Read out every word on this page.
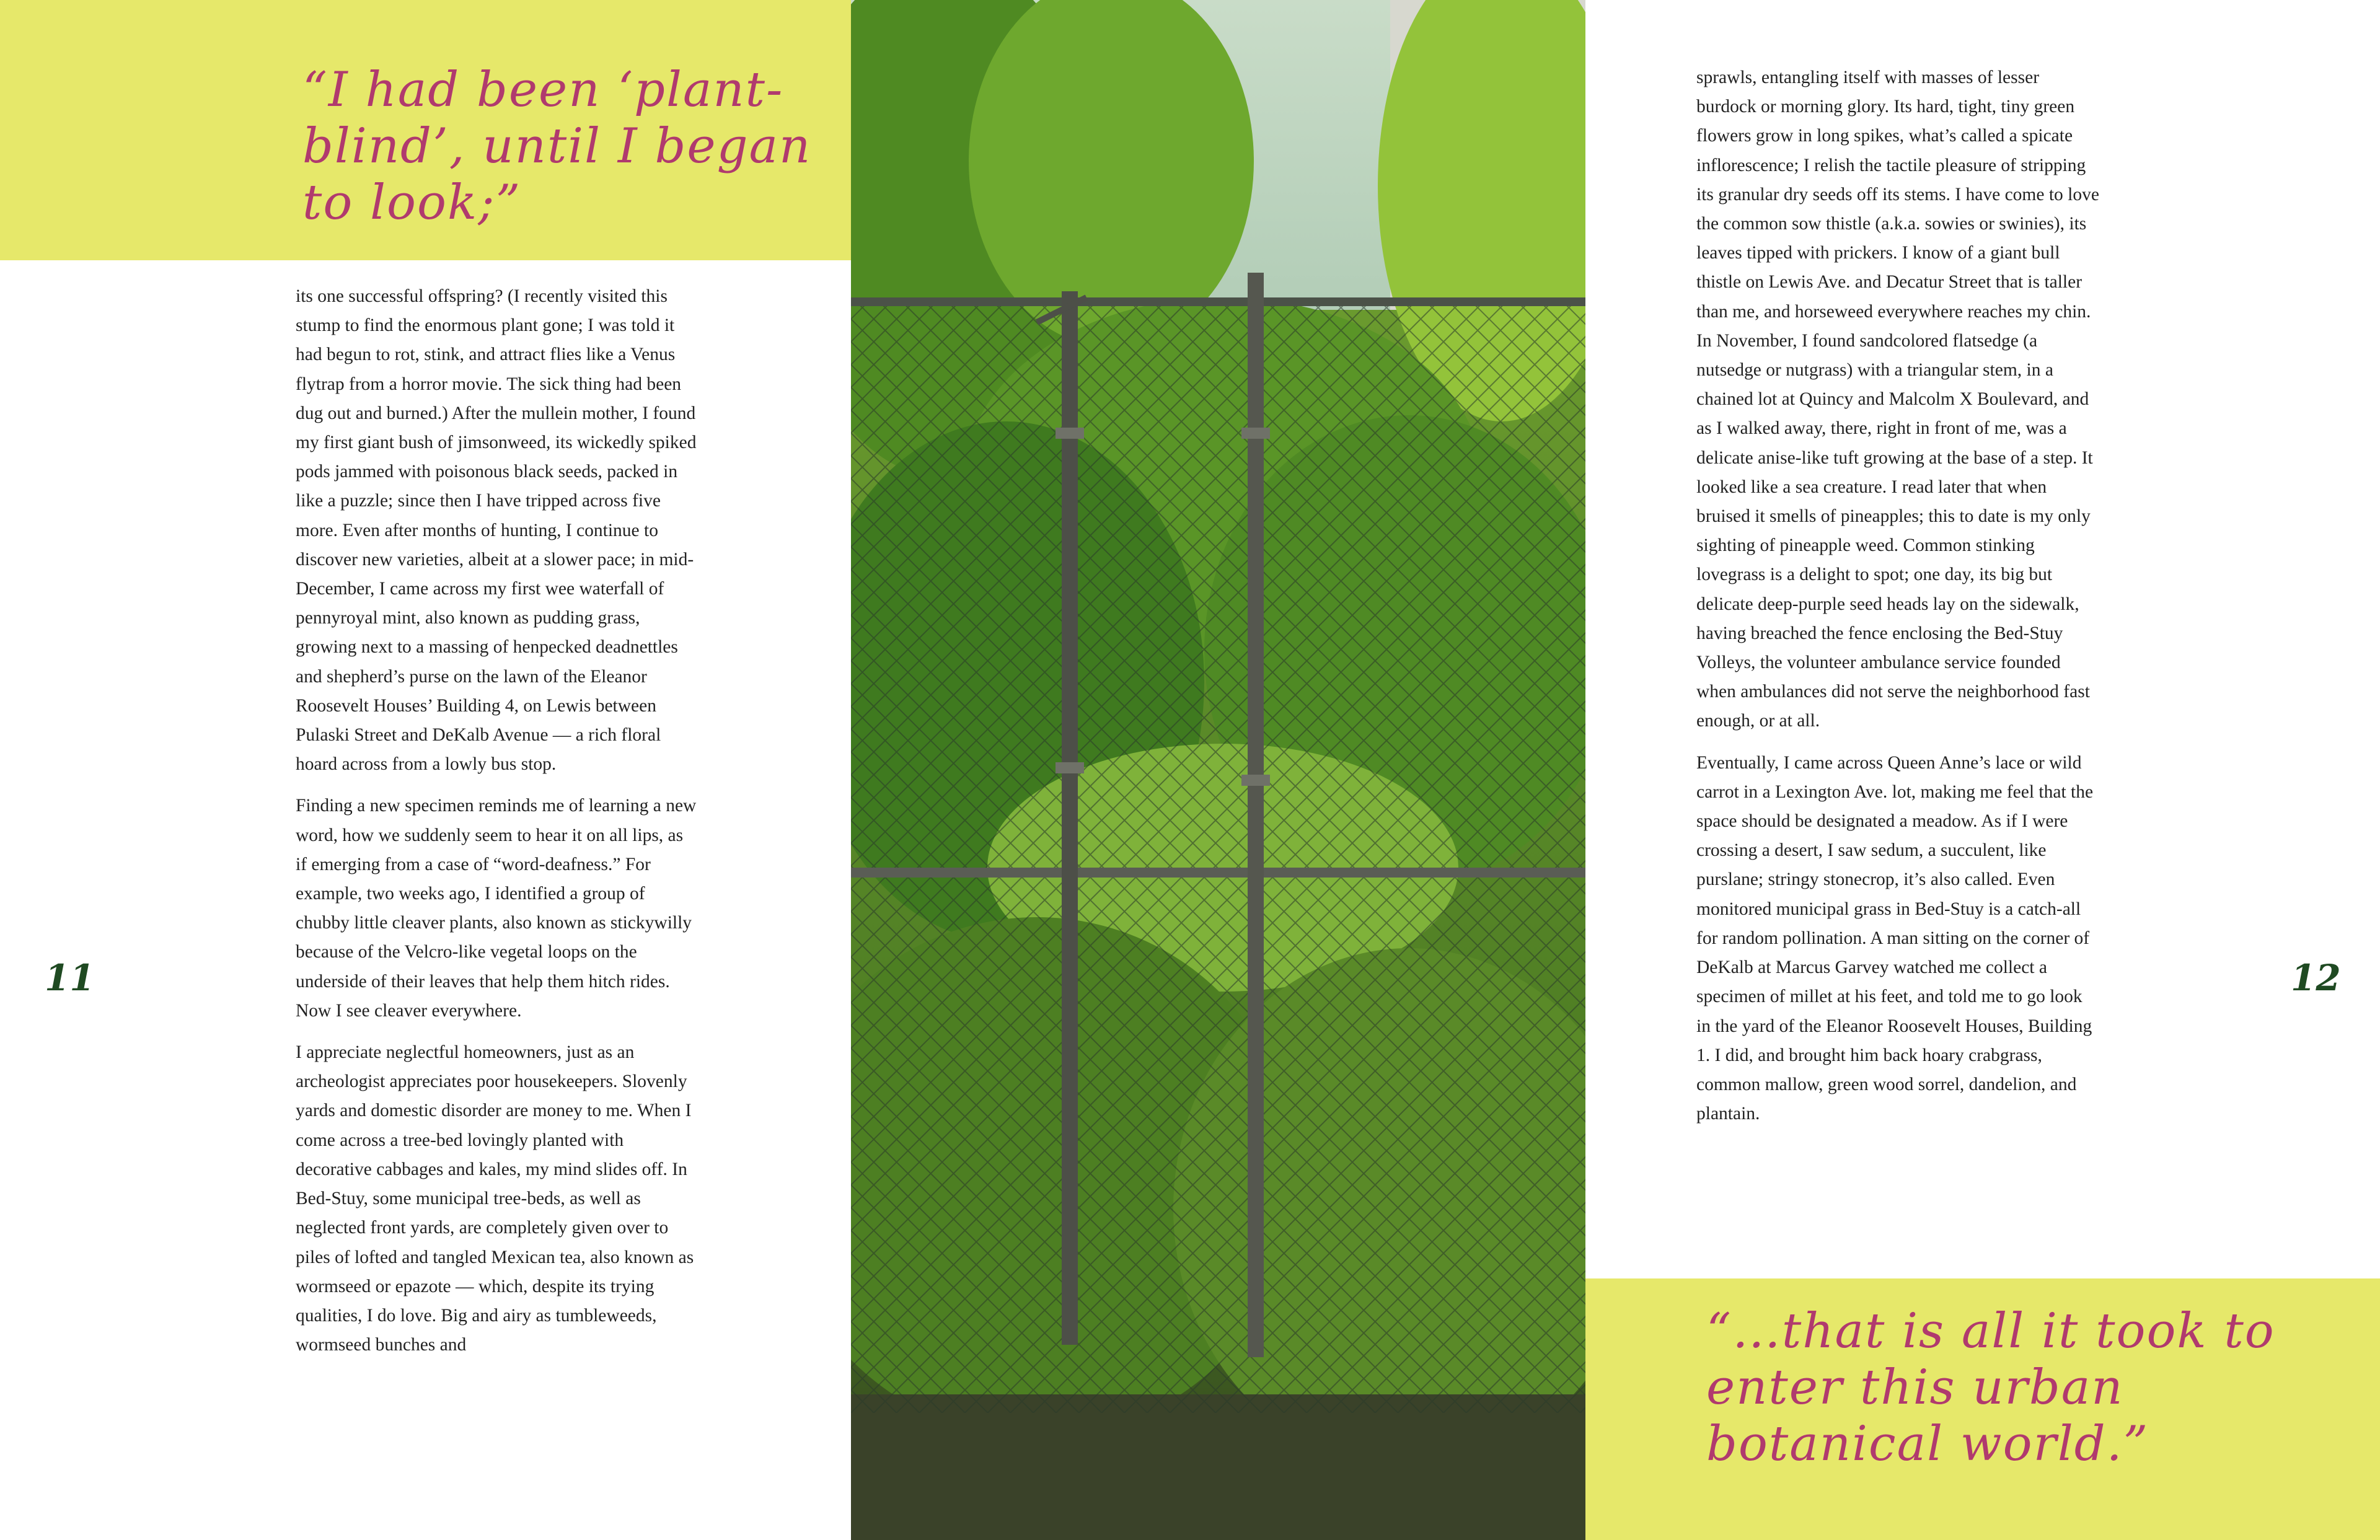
“I had been ‘plant-blind’, until I began to look;”

its one successful offspring? (I recently visited this stump to find the enormous plant gone; I was told it had begun to rot, stink, and attract flies like a Venus flytrap from a horror movie. The sick thing had been dug out and burned.) After the mullein mother, I found my first giant bush of jimsonweed, its wickedly spiked pods jammed with poisonous black seeds, packed in like a puzzle; since then I have tripped across five more. Even after months of hunting, I continue to discover new varieties, albeit at a slower pace; in mid-December, I came across my first wee waterfall of pennyroyal mint, also known as pudding grass, growing next to a massing of henpecked deadnettles and shepherd’s purse on the lawn of the Eleanor Roosevelt Houses’ Building 4, on Lewis between Pulaski Street and DeKalb Avenue — a rich floral hoard across from a lowly bus stop.

Finding a new specimen reminds me of learning a new word, how we suddenly seem to hear it on all lips, as if emerging from a case of “word-deafness.” For example, two weeks ago, I identified a group of chubby little cleaver plants, also known as stickywilly because of the Velcro-like vegetal loops on the underside of their leaves that help them hitch rides. Now I see cleaver everywhere.

I appreciate neglectful homeowners, just as an archeologist appreciates poor housekeepers. Slovenly yards and domestic disorder are money to me. When I come across a tree-bed lovingly planted with decorative cabbages and kales, my mind slides off. In Bed-Stuy, some municipal tree-beds, as well as neglected front yards, are completely given over to piles of lofted and tangled Mexican tea, also known as wormseed or epazote — which, despite its trying qualities, I do love. Big and airy as tumbleweeds, wormseed bunches and

11

sprawls, entangling itself with masses of lesser burdock or morning glory. Its hard, tight, tiny green flowers grow in long spikes, what’s called a spicate inflorescence; I relish the tactile pleasure of stripping its granular dry seeds off its stems. I have come to love the common sow thistle (a.k.a. sowies or swinies), its leaves tipped with prickers. I know of a giant bull thistle on Lewis Ave. and Decatur Street that is taller than me, and horseweed everywhere reaches my chin. In November, I found sandcolored flatsedge (a nutsedge or nutgrass) with a triangular stem, in a chained lot at Quincy and Malcolm X Boulevard, and as I walked away, there, right in front of me, was a delicate anise-like tuft growing at the base of a step. It looked like a sea creature. I read later that when bruised it smells of pineapples; this to date is my only sighting of pineapple weed. Common stinking lovegrass is a delight to spot; one day, its big but delicate deep-purple seed heads lay on the sidewalk, having breached the fence enclosing the Bed-Stuy Volleys, the volunteer ambulance service founded when ambulances did not serve the neighborhood fast enough, or at all.

Eventually, I came across Queen Anne’s lace or wild carrot in a Lexington Ave. lot, making me feel that the space should be designated a meadow. As if I were crossing a desert, I saw sedum, a succulent, like purslane; stringy stonecrop, it’s also called. Even monitored municipal grass in Bed-Stuy is a catch-all for random pollination. A man sitting on the corner of DeKalb at Marcus Garvey watched me collect a specimen of millet at his feet, and told me to go look in the yard of the Eleanor Roosevelt Houses, Building 1. I did, and brought him back hoary crabgrass, common mallow, green wood sorrel, dandelion, and plantain.

12

“…that is all it took to enter this urban botanical world.”
